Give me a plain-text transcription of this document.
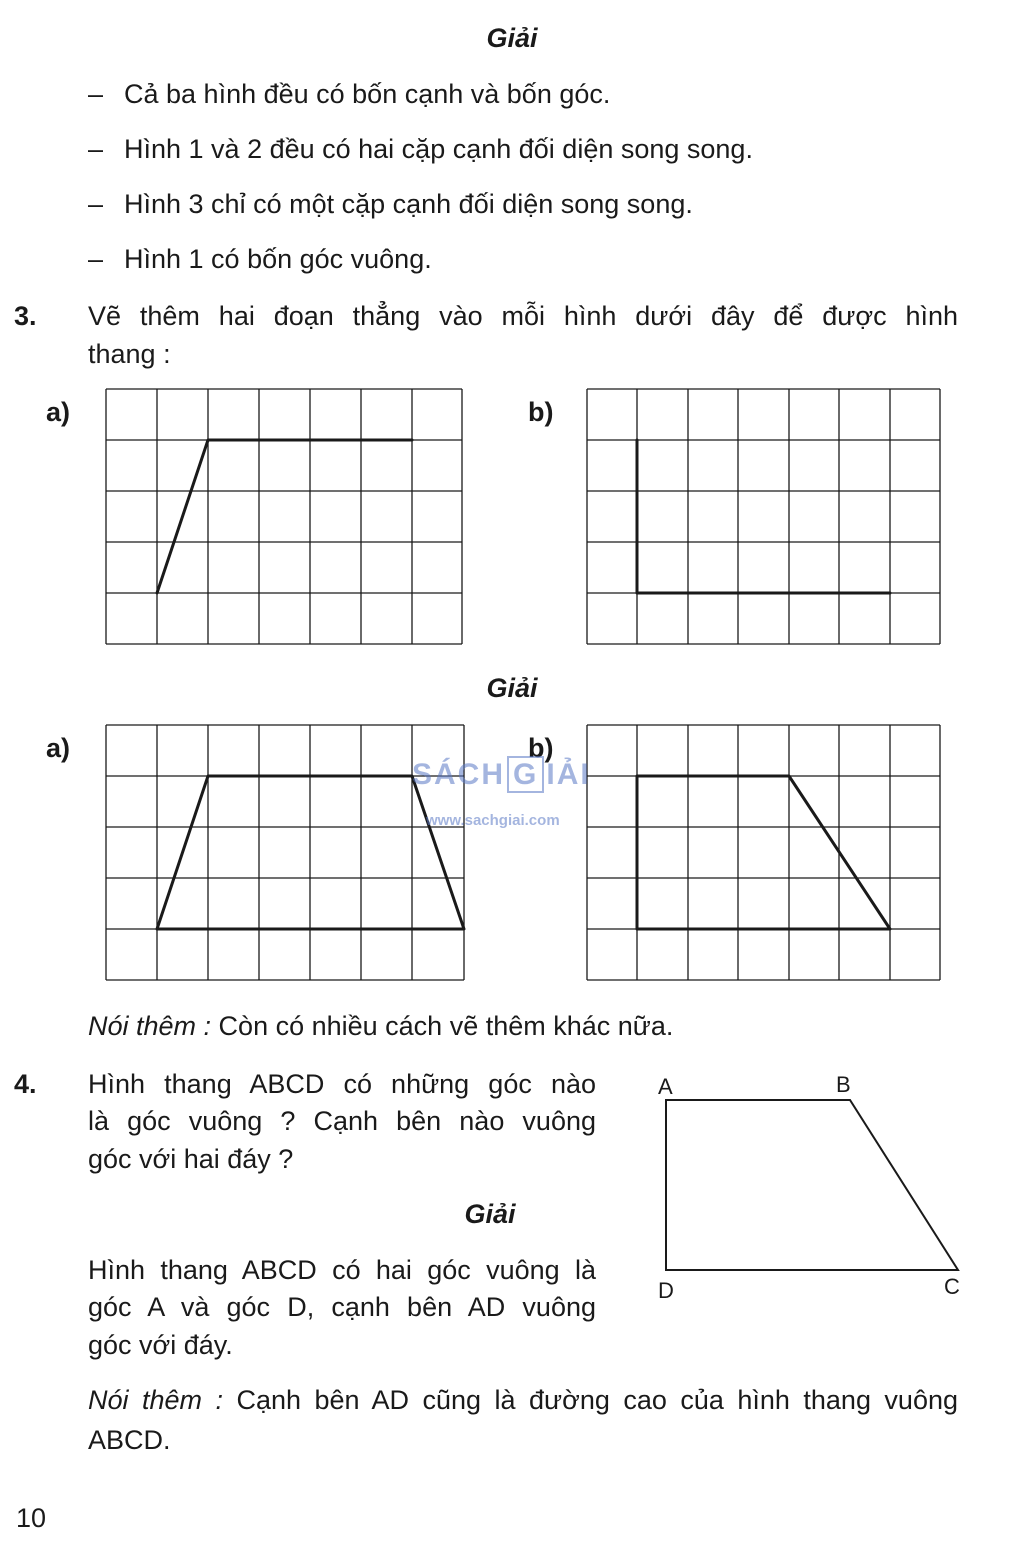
Giải
– Cả ba hình đều có bốn cạnh và bốn góc.
– Hình 1 và 2 đều có hai cặp cạnh đối diện song song.
– Hình 3 chỉ có một cặp cạnh đối diện song song.
– Hình 1 có bốn góc vuông.
3. Vẽ thêm hai đoạn thẳng vào mỗi hình dưới đây để được hình
thang :
a)	b)
Giải
a)	b)
SÁCH G IẢI
www.sachgiai.com
Nói thêm : Còn có nhiều cách vẽ thêm khác nữa.
4. Hình thang ABCD có những góc nào
là góc vuông ? Cạnh bên nào vuông
góc với hai đáy ?
Giải
Hình thang ABCD có hai góc vuông là
góc A và góc D, cạnh bên AD vuông
góc với đáy.
A	B
D	C
Nói thêm : Cạnh bên AD cũng là đường cao của hình thang vuông
ABCD.
10
